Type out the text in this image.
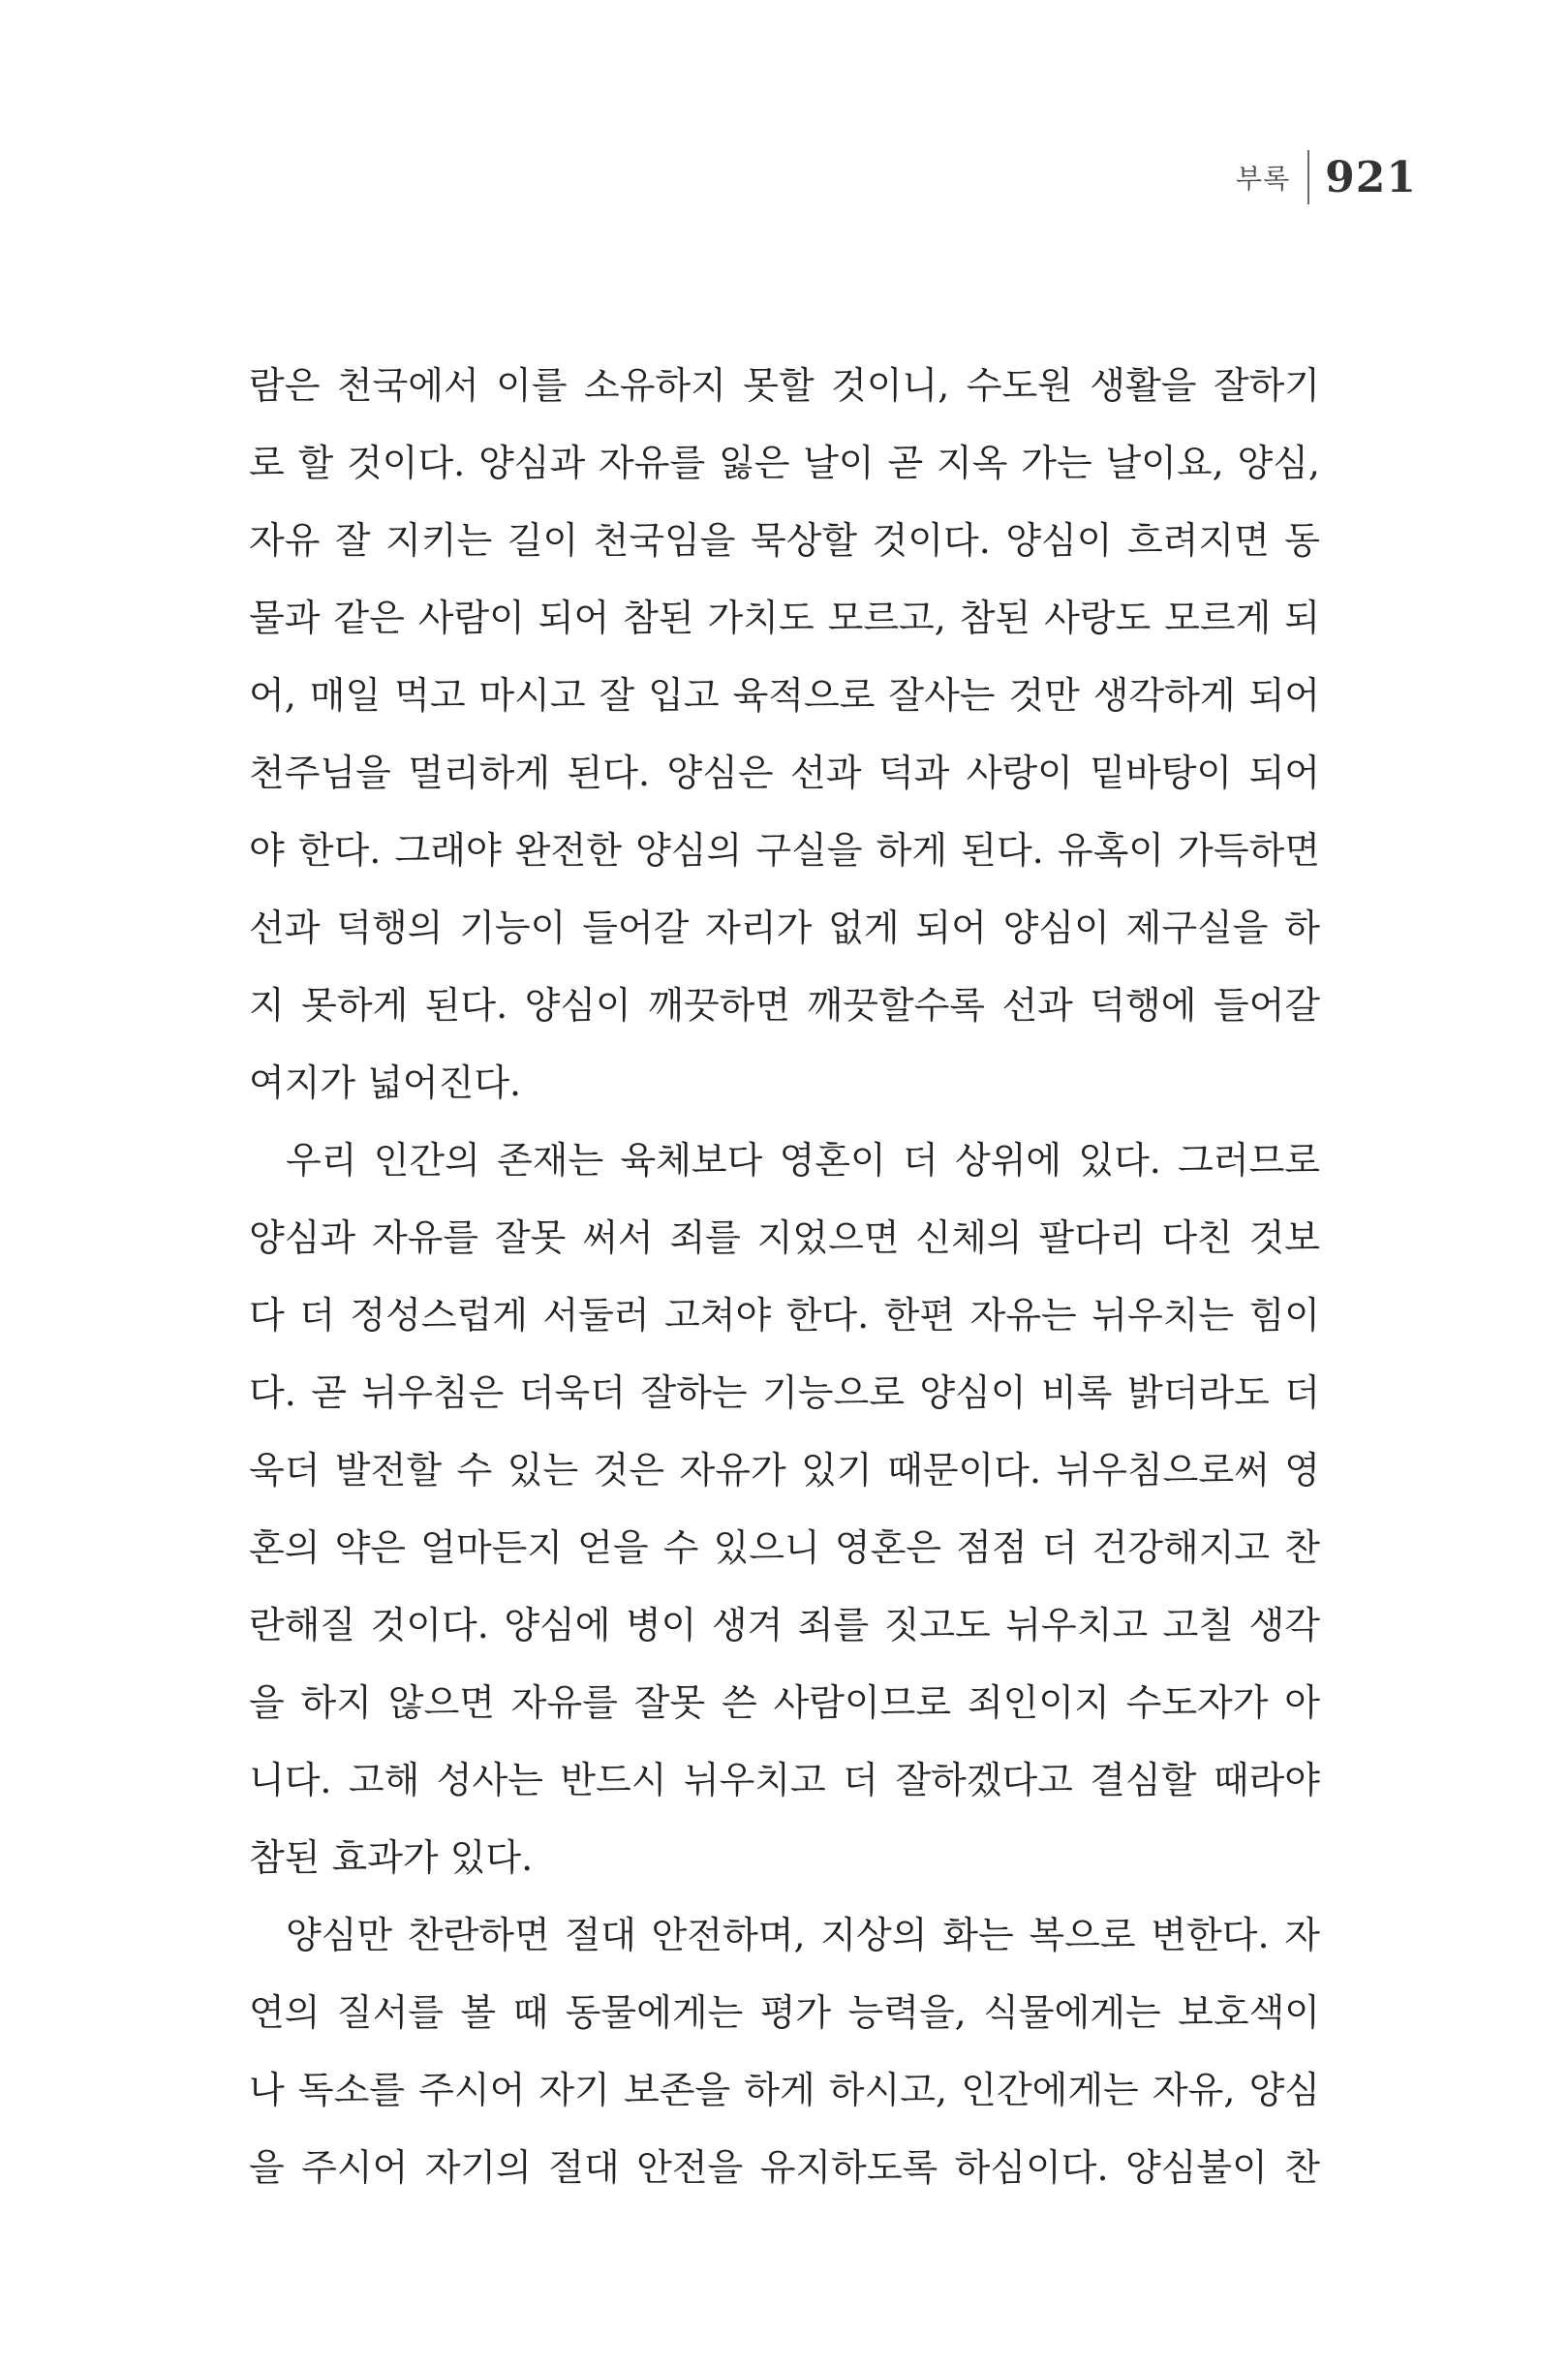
부록 921
람은 천국에서 이를 소유하지 못할 것이니, 수도원 생활을 잘하기
로 할 것이다. 양심과 자유를 잃은 날이 곧 지옥 가는 날이요, 양심,
자유 잘 지키는 길이 천국임을 묵상할 것이다. 양심이 흐려지면 동
물과 같은 사람이 되어 참된 가치도 모르고, 참된 사랑도 모르게 되
어, 매일 먹고 마시고 잘 입고 육적으로 잘사는 것만 생각하게 되어
천주님을 멀리하게 된다. 양심은 선과 덕과 사랑이 밑바탕이 되어
야 한다. 그래야 완전한 양심의 구실을 하게 된다. 유혹이 가득하면
선과 덕행의 기능이 들어갈 자리가 없게 되어 양심이 제구실을 하
지 못하게 된다. 양심이 깨끗하면 깨끗할수록 선과 덕행에 들어갈
여지가 넓어진다.
우리 인간의 존재는 육체보다 영혼이 더 상위에 있다. 그러므로
양심과 자유를 잘못 써서 죄를 지었으면 신체의 팔다리 다친 것보
다 더 정성스럽게 서둘러 고쳐야 한다. 한편 자유는 뉘우치는 힘이
다. 곧 뉘우침은 더욱더 잘하는 기능으로 양심이 비록 밝더라도 더
욱더 발전할 수 있는 것은 자유가 있기 때문이다. 뉘우침으로써 영
혼의 약은 얼마든지 얻을 수 있으니 영혼은 점점 더 건강해지고 찬
란해질 것이다. 양심에 병이 생겨 죄를 짓고도 뉘우치고 고칠 생각
을 하지 않으면 자유를 잘못 쓴 사람이므로 죄인이지 수도자가 아
니다. 고해 성사는 반드시 뉘우치고 더 잘하겠다고 결심할 때라야
참된 효과가 있다.
양심만 찬란하면 절대 안전하며, 지상의 화는 복으로 변한다. 자
연의 질서를 볼 때 동물에게는 평가 능력을, 식물에게는 보호색이
나 독소를 주시어 자기 보존을 하게 하시고, 인간에게는 자유, 양심
을 주시어 자기의 절대 안전을 유지하도록 하심이다. 양심불이 찬
